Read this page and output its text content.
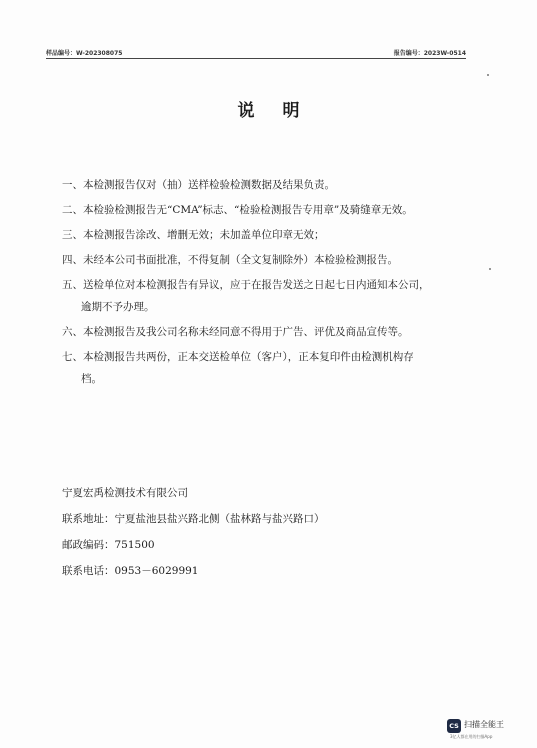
样品编号：W-202308075	报告编号：2023W-0514
说明
一、本检测报告仅对（抽）送样检验检测数据及结果负责。
二、本检验检测报告无“CMA”标志、“检验检测报告专用章”及骑缝章无效。
三、本检测报告涂改、增删无效；未加盖单位印章无效；
四、未经本公司书面批准，不得复制（全文复制除外）本检验检测报告。
五、送检单位对本检测报告有异议，应于在报告发送之日起七日内通知本公司，
逾期不予办理。
六、本检测报告及我公司名称未经同意不得用于广告、评优及商品宣传等。
七、本检测报告共两份，正本交送检单位（客户），正本复印件由检测机构存
档。
宁夏宏禹检测技术有限公司
联系地址：宁夏盐池县盐兴路北侧（盐林路与盐兴路口）
邮政编码：751500
联系电话：0953－6029991
CS 扫描全能王
3亿人都在用的扫描App
